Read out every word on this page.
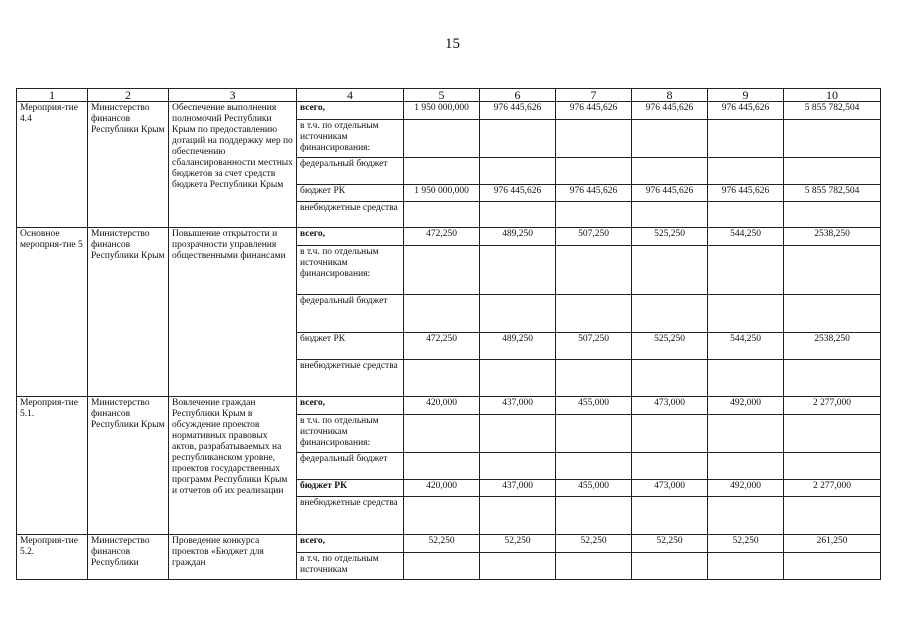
15
1	2	3	4	5	6	7	8	9	10
Мероприя-тие 4.4	Министерство финансов Республики Крым	Обеспечение выполнения полномочий Республики Крым по предоставлению дотаций на поддержку мер по обеспечению сбалансированности местных бюджетов за счет средств бюджета Республики Крым	всего,	1 950 000,000	976 445,626	976 445,626	976 445,626	976 445,626	5 855 782,504
			в т.ч. по отдельным источникам финансирования:						
			федеральный бюджет						
			бюджет РК	1 950 000,000	976 445,626	976 445,626	976 445,626	976 445,626	5 855 782,504
			внебюджетные средства						
Основное мероприя-тие 5	Министерство финансов Республики Крым	Повышение открытости и прозрачности управления общественными финансами	всего,	472,250	489,250	507,250	525,250	544,250	2538,250
			в т.ч. по отдельным источникам финансирования:						
			федеральный бюджет						
			бюджет РК	472,250	489,250	507,250	525,250	544,250	2538,250
			внебюджетные средства						
Мероприя-тие 5.1.	Министерство финансов Республики Крым	Вовлечение граждан Республики Крым в обсуждение проектов нормативных правовых актов, разрабатываемых на республиканском уровне, проектов государственных программ Республики Крым и отчетов об их реализации	всего,	420,000	437,000	455,000	473,000	492,000	2 277,000
			в т.ч. по отдельным источникам финансирования:						
			федеральный бюджет						
			бюджет РК	420,000	437,000	455,000	473,000	492,000	2 277,000
			внебюджетные средства						
Мероприя-тие 5.2.	Министерство финансов Республики	Проведение конкурса проектов «Бюджет для граждан	всего,	52,250	52,250	52,250	52,250	52,250	261,250
			в т.ч. по отдельным источникам						
